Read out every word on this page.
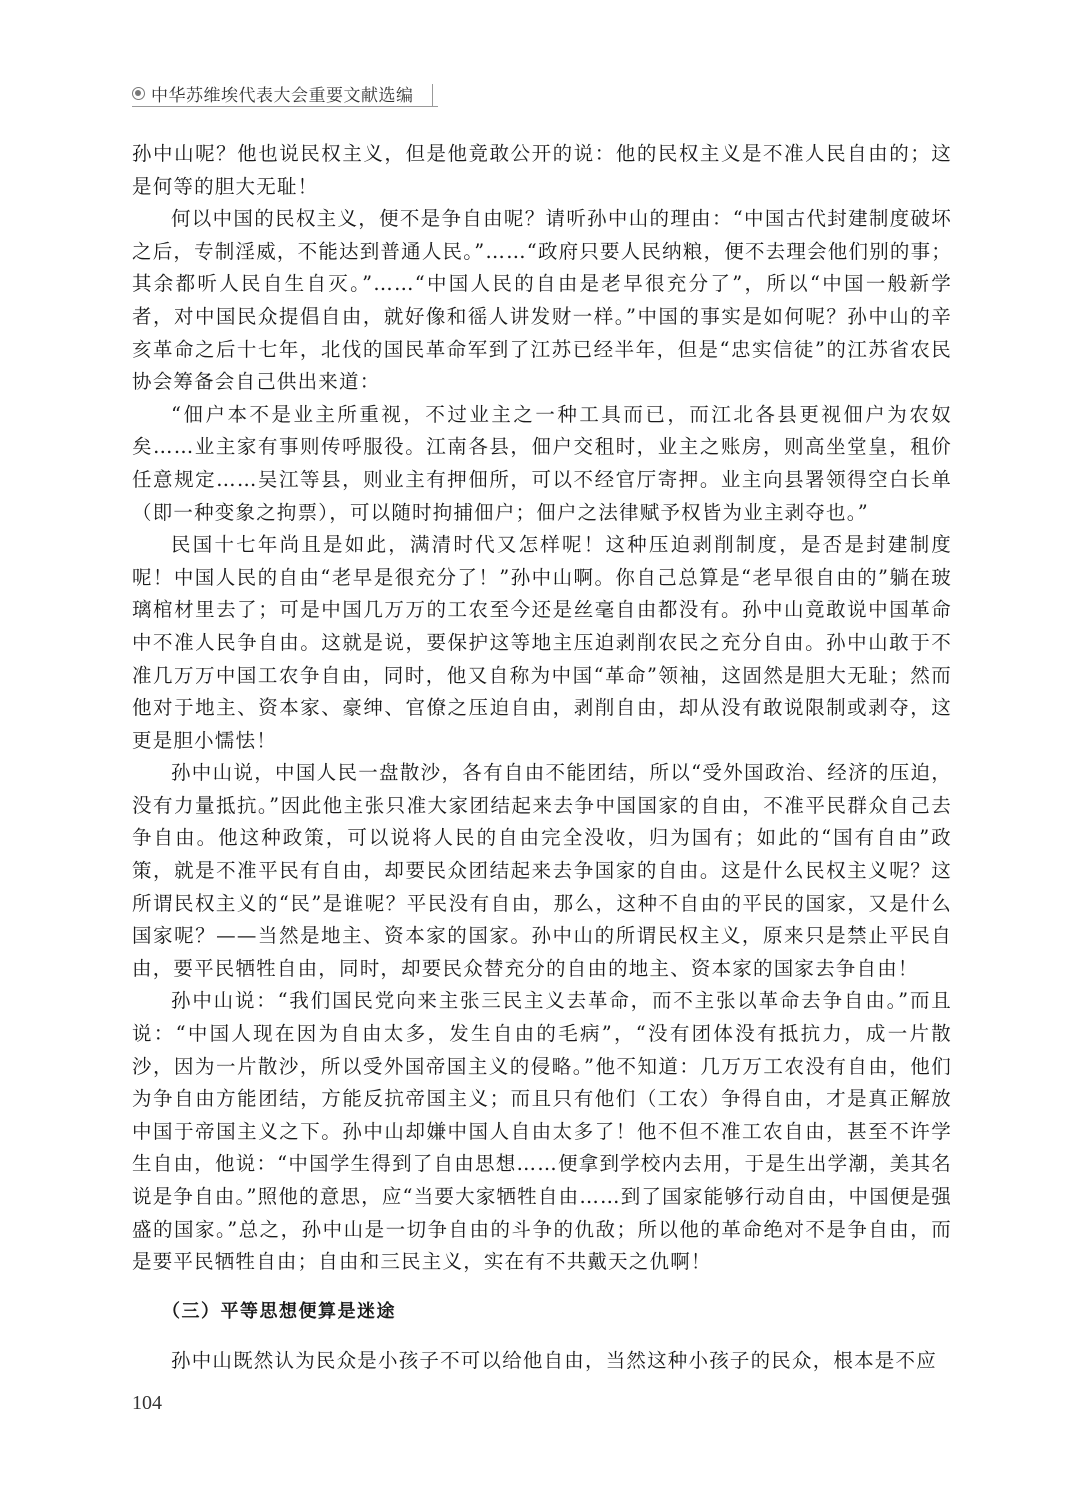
中华苏维埃代表大会重要文献选编

孙中山呢？他也说民权主义，但是他竟敢公开的说：他的民权主义是不准人民自由的；这是何等的胆大无耻！

何以中国的民权主义，便不是争自由呢？请听孙中山的理由：“中国古代封建制度破坏之后，专制淫威，不能达到普通人民。”……“政府只要人民纳粮，便不去理会他们别的事；其余都听人民自生自灭。”……“中国人民的自由是老早很充分了”，所以“中国一般新学者，对中国民众提倡自由，就好像和徭人讲发财一样。”中国的事实是如何呢？孙中山的辛亥革命之后十七年，北伐的国民革命军到了江苏已经半年，但是“忠实信徒”的江苏省农民协会筹备会自己供出来道：

“佃户本不是业主所重视，不过业主之一种工具而已，而江北各县更视佃户为农奴矣……业主家有事则传呼服役。江南各县，佃户交租时，业主之账房，则高坐堂皇，租价任意规定……吴江等县，则业主有押佃所，可以不经官厅寄押。业主向县署领得空白长单（即一种变象之拘票），可以随时拘捕佃户；佃户之法律赋予权皆为业主剥夺也。”

民国十七年尚且是如此，满清时代又怎样呢！这种压迫剥削制度，是否是封建制度呢！中国人民的自由“老早是很充分了！”孙中山啊。你自己总算是“老早很自由的”躺在玻璃棺材里去了；可是中国几万万的工农至今还是丝毫自由都没有。孙中山竟敢说中国革命中不准人民争自由。这就是说，要保护这等地主压迫剥削农民之充分自由。孙中山敢于不准几万万中国工农争自由，同时，他又自称为中国“革命”领袖，这固然是胆大无耻；然而他对于地主、资本家、豪绅、官僚之压迫自由，剥削自由，却从没有敢说限制或剥夺，这更是胆小懦怯！

孙中山说，中国人民一盘散沙，各有自由不能团结，所以“受外国政治、经济的压迫，没有力量抵抗。”因此他主张只准大家团结起来去争中国国家的自由，不准平民群众自己去争自由。他这种政策，可以说将人民的自由完全没收，归为国有；如此的“国有自由”政策，就是不准平民有自由，却要民众团结起来去争国家的自由。这是什么民权主义呢？这所谓民权主义的“民”是谁呢？平民没有自由，那么，这种不自由的平民的国家，又是什么国家呢？——当然是地主、资本家的国家。孙中山的所谓民权主义，原来只是禁止平民自由，要平民牺牲自由，同时，却要民众替充分的自由的地主、资本家的国家去争自由！

孙中山说：“我们国民党向来主张三民主义去革命，而不主张以革命去争自由。”而且说：“中国人现在因为自由太多，发生自由的毛病”，“没有团体没有抵抗力，成一片散沙，因为一片散沙，所以受外国帝国主义的侵略。”他不知道：几万万工农没有自由，他们为争自由方能团结，方能反抗帝国主义；而且只有他们（工农）争得自由，才是真正解放中国于帝国主义之下。孙中山却嫌中国人自由太多了！他不但不准工农自由，甚至不许学生自由，他说：“中国学生得到了自由思想……便拿到学校内去用，于是生出学潮，美其名说是争自由。”照他的意思，应“当要大家牺牲自由……到了国家能够行动自由，中国便是强盛的国家。”总之，孙中山是一切争自由的斗争的仇敌；所以他的革命绝对不是争自由，而是要平民牺牲自由；自由和三民主义，实在有不共戴天之仇啊！

（三）平等思想便算是迷途

孙中山既然认为民众是小孩子不可以给他自由，当然这种小孩子的民众，根本是不应

104
